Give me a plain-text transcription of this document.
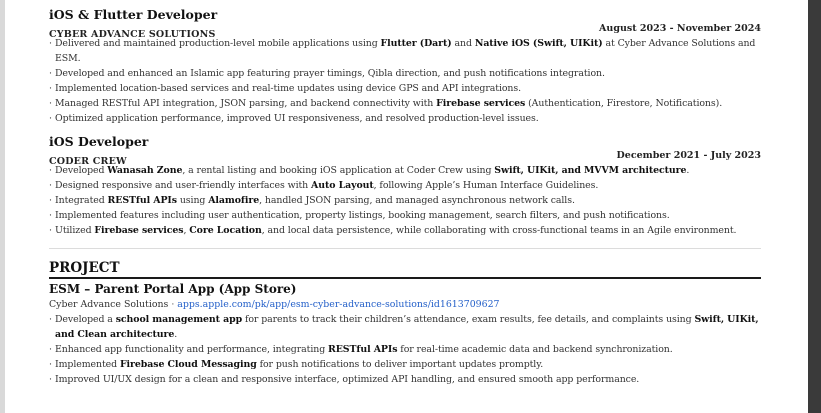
iOS & Flutter Developer
CYBER ADVANCE SOLUTIONS
August 2023 - November 2024
· Delivered and maintained production-level mobile applications using Flutter (Dart) and Native iOS (Swift, UIKit) at Cyber Advance Solutions and ESM.
· Developed and enhanced an Islamic app featuring prayer timings, Qibla direction, and push notifications integration.
· Implemented location-based services and real-time updates using device GPS and API integrations.
· Managed RESTful API integration, JSON parsing, and backend connectivity with Firebase services (Authentication, Firestore, Notifications).
· Optimized application performance, improved UI responsiveness, and resolved production-level issues.
iOS Developer
CODER CREW
December 2021 - July 2023
· Developed Wanasah Zone, a rental listing and booking iOS application at Coder Crew using Swift, UIKit, and MVVM architecture.
· Designed responsive and user-friendly interfaces with Auto Layout, following Apple’s Human Interface Guidelines.
· Integrated RESTful APIs using Alamofire, handled JSON parsing, and managed asynchronous network calls.
· Implemented features including user authentication, property listings, booking management, search filters, and push notifications.
· Utilized Firebase services, Core Location, and local data persistence, while collaborating with cross-functional teams in an Agile environment.
PROJECT
ESM – Parent Portal App (App Store)
Cyber Advance Solutions · apps.apple.com/pk/app/esm-cyber-advance-solutions/id1613709627
· Developed a school management app for parents to track their children’s attendance, exam results, fee details, and complaints using Swift, UIKit, and Clean architecture.
· Enhanced app functionality and performance, integrating RESTful APIs for real-time academic data and backend synchronization.
· Implemented Firebase Cloud Messaging for push notifications to deliver important updates promptly.
· Improved UI/UX design for a clean and responsive interface, optimized API handling, and ensured smooth app performance.
